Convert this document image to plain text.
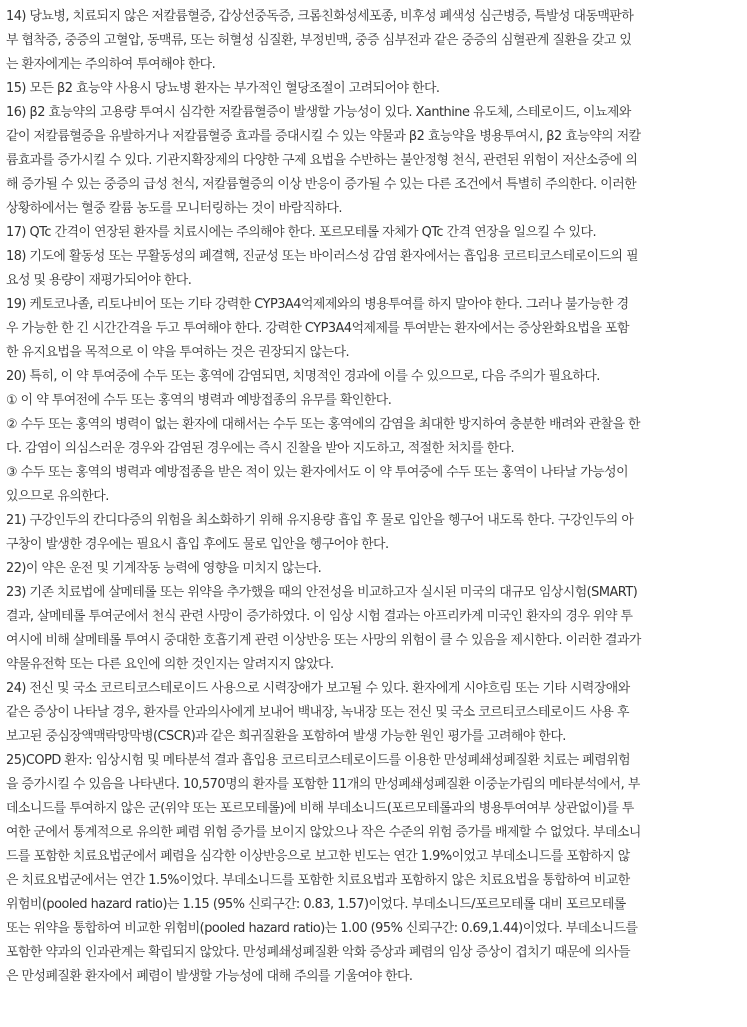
14) 당뇨병, 치료되지 않은 저칼륨혈증, 갑상선중독증, 크롬친화성세포종, 비후성 폐색성 심근병증, 특발성 대동맥판하
부 협착증, 중증의 고혈압, 동맥류, 또는 허혈성 심질환, 부정빈맥, 중증 심부전과 같은 중증의 심혈관계 질환을 갖고 있
는 환자에게는 주의하여 투여해야 한다.
15) 모든 β2 효능약 사용시 당뇨병 환자는 부가적인 혈당조절이 고려되어야 한다.
16) β2 효능약의 고용량 투여시 심각한 저칼륨혈증이 발생할 가능성이 있다. Xanthine 유도체, 스테로이드, 이뇨제와
같이 저칼륨혈증을 유발하거나 저칼륨혈증 효과를 증대시킬 수 있는 약물과 β2 효능약을 병용투여시, β2 효능약의 저칼
륨효과를 증가시킬 수 있다. 기관지확장제의 다양한 구제 요법을 수반하는 불안정형 천식, 관련된 위험이 저산소증에 의
해 증가될 수 있는 중증의 급성 천식, 저칼륨혈증의 이상 반응이 증가될 수 있는 다른 조건에서 특별히 주의한다. 이러한
상황하에서는 혈중 칼륨 농도를 모니터링하는 것이 바람직하다.
17) QTc 간격이 연장된 환자를 치료시에는 주의해야 한다. 포르모테롤 자체가 QTc 간격 연장을 일으킬 수 있다.
18) 기도에 활동성 또는 무활동성의 폐결핵, 진균성 또는 바이러스성 감염 환자에서는 흡입용 코르티코스테로이드의 필
요성 및 용량이 재평가되어야 한다.
19) 케토코나졸, 리토나비어 또는 기타 강력한 CYP3A4억제제와의 병용투여를 하지 말아야 한다. 그러나 불가능한 경
우 가능한 한 긴 시간간격을 두고 투여해야 한다. 강력한 CYP3A4억제제를 투여받는 환자에서는 증상완화요법을 포함
한 유지요법을 목적으로 이 약을 투여하는 것은 권장되지 않는다.
20) 특히, 이 약 투여중에 수두 또는 홍역에 감염되면, 치명적인 경과에 이를 수 있으므로, 다음 주의가 필요하다.
① 이 약 투여전에 수두 또는 홍역의 병력과 예방접종의 유무를 확인한다.
② 수두 또는 홍역의 병력이 없는 환자에 대해서는 수두 또는 홍역에의 감염을 최대한 방지하여 충분한 배려와 관찰을 한
다. 감염이 의심스러운 경우와 감염된 경우에는 즉시 진찰을 받아 지도하고, 적절한 처치를 한다.
③ 수두 또는 홍역의 병력과 예방접종을 받은 적이 있는 환자에서도 이 약 투여중에 수두 또는 홍역이 나타날 가능성이
있으므로 유의한다.
21) 구강인두의 칸디다증의 위험을 최소화하기 위해 유지용량 흡입 후 물로 입안을 헹구어 내도록 한다. 구강인두의 아
구창이 발생한 경우에는 필요시 흡입 후에도 물로 입안을 헹구어야 한다.
22)이 약은 운전 및 기계작동 능력에 영향을 미치지 않는다.
23) 기존 치료법에 살메테롤 또는 위약을 추가했을 때의 안전성을 비교하고자 실시된 미국의 대규모 임상시험(SMART)
결과, 살메테롤 투여군에서 천식 관련 사망이 증가하였다. 이 임상 시험 결과는 아프리카계 미국인 환자의 경우 위약 투
여시에 비해 살메테롤 투여시 중대한 호흡기계 관련 이상반응 또는 사망의 위험이 클 수 있음을 제시한다. 이러한 결과가
약물유전학 또는 다른 요인에 의한 것인지는 알려지지 않았다.
24) 전신 및 국소 코르티코스테로이드 사용으로 시력장애가 보고될 수 있다. 환자에게 시야흐림 또는 기타 시력장애와
같은 증상이 나타날 경우, 환자를 안과의사에게 보내어 백내장, 녹내장 또는 전신 및 국소 코르티코스테로이드 사용 후
보고된 중심장액맥락망막병(CSCR)과 같은 희귀질환을 포함하여 발생 가능한 원인 평가를 고려해야 한다.
25)COPD 환자: 임상시험 및 메타분석 결과 흡입용 코르티코스테로이드를 이용한 만성폐쇄성폐질환 치료는 폐렴위험
을 증가시킬 수 있음을 나타낸다. 10,570명의 환자를 포함한 11개의 만성폐쇄성폐질환 이중눈가림의 메타분석에서, 부
데소니드를 투여하지 않은 군(위약 또는 포르모테롤)에 비해 부데소니드(포르모테롤과의 병용투여여부 상관없이)를 투
여한 군에서 통계적으로 유의한 폐렴 위험 증가를 보이지 않았으나 작은 수준의 위험 증가를 배제할 수 없었다. 부데소니
드를 포함한 치료요법군에서 폐렴을 심각한 이상반응으로 보고한 빈도는 연간 1.9%이었고 부데소니드를 포함하지 않
은 치료요법군에서는 연간 1.5%이었다. 부데소니드를 포함한 치료요법과 포함하지 않은 치료요법을 통합하여 비교한
위험비(pooled hazard ratio)는 1.15 (95% 신뢰구간: 0.83, 1.57)이었다. 부데소니드/포르모테롤 대비 포르모테롤
또는 위약을 통합하여 비교한 위험비(pooled hazard ratio)는 1.00 (95% 신뢰구간: 0.69,1.44)이었다. 부데소니드를
포함한 약과의 인과관계는 확립되지 않았다. 만성폐쇄성폐질환 악화 증상과 폐렴의 임상 증상이 겹치기 때문에 의사들
은 만성폐질환 환자에서 폐렴이 발생할 가능성에 대해 주의를 기울여야 한다.
